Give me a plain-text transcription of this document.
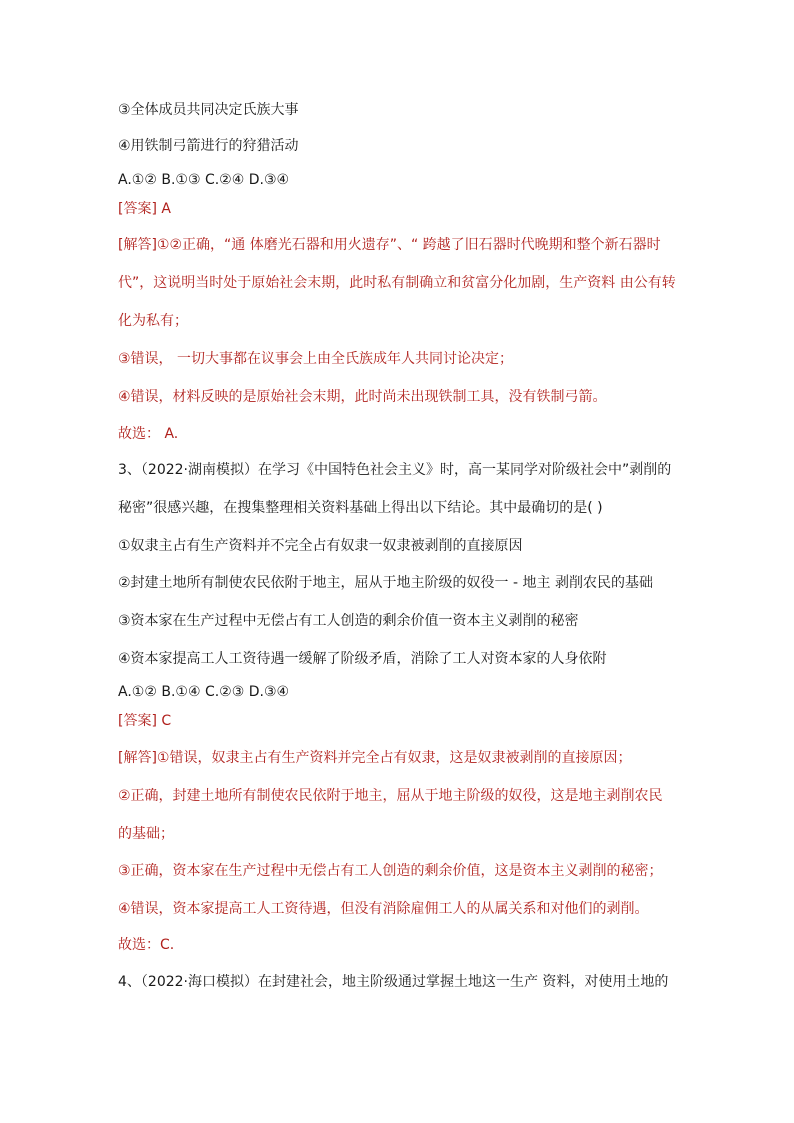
③全体成员共同决定氏族大事
④用铁制弓箭进行的狩猎活动
A.①② B.①③ C.②④ D.③④
[答案] A
[解答]①②正确，“通 体磨光石器和用火遗存”、“ 跨越了旧石器时代晚期和整个新石器时
代”，这说明当时处于原始社会末期，此时私有制确立和贫富分化加剧，生产资料 由公有转
化为私有；
③错误， 一切大事都在议事会上由全氏族成年人共同讨论决定；
④错误，材料反映的是原始社会末期，此时尚未出现铁制工具，没有铁制弓箭。
故选： A.
3、（2022·湖南模拟）在学习《中国特色社会主义》时，高一某同学对阶级社会中”剥削的
秘密”很感兴趣，在搜集整理相关资料基础上得出以下结论。其中最确切的是( )
①奴隶主占有生产资料并不完全占有奴隶一奴隶被剥削的直接原因
②封建土地所有制使农民依附于地主，屈从于地主阶级的奴役一 - 地主 剥削农民的基础
③资本家在生产过程中无偿占有工人创造的剩余价值一资本主义剥削的秘密
④资本家提高工人工资待遇一缓解了阶级矛盾，消除了工人对资本家的人身依附
A.①② B.①④ C.②③ D.③④
[答案] C
[解答]①错误，奴隶主占有生产资料并完全占有奴隶，这是奴隶被剥削的直接原因；
②正确，封建土地所有制使农民依附于地主，屈从于地主阶级的奴役，这是地主剥削农民
的基础；
③正确，资本家在生产过程中无偿占有工人创造的剩余价值，这是资本主义剥削的秘密；
④错误，资本家提高工人工资待遇，但没有消除雇佣工人的从属关系和对他们的剥削。
故选：C.
4、（2022·海口模拟）在封建社会，地主阶级通过掌握土地这一生产 资料，对使用土地的
